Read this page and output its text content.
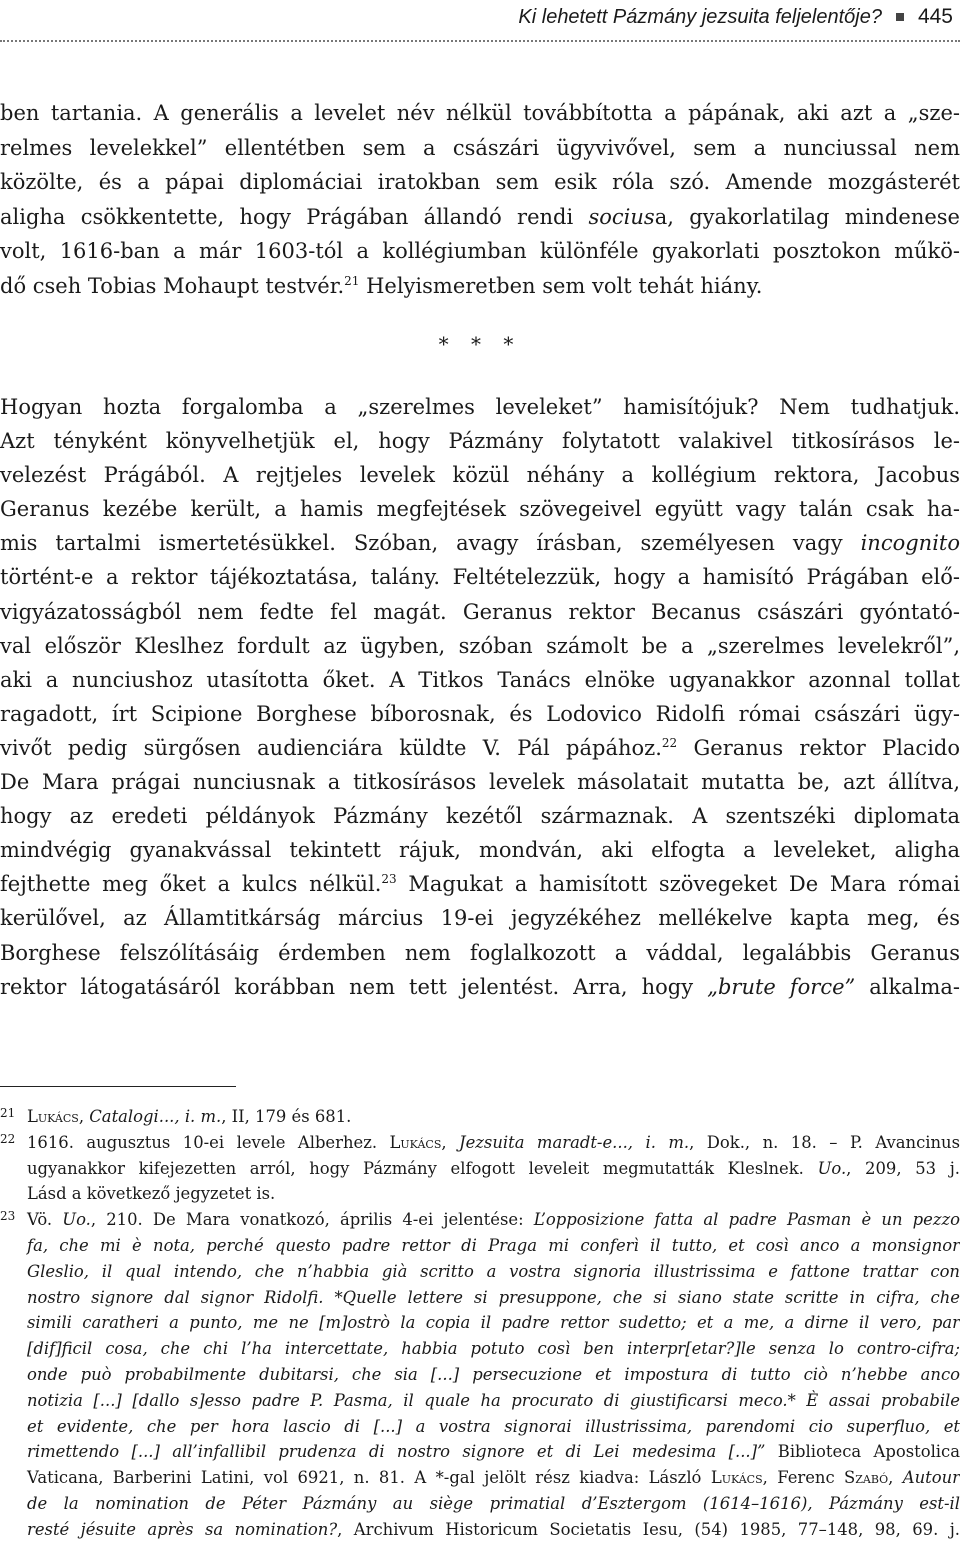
Ki lehetett Pázmány jezsuita feljelentője? 445

ben tartania. A generális a levelet név nélkül továbbította a pápának, aki azt a „sze-

relmes levelekkel” ellentétben sem a császári ügyvivővel, sem a nunciussal nem

közölte, és a pápai diplomáciai iratokban sem esik róla szó. Amende mozgásterét

aligha csökkentette, hogy Prágában állandó rendi sociusa, gyakorlatilag mindenese

volt, 1616-ban a már 1603-tól a kollégiumban különféle gyakorlati posztokon műkö-

dő cseh Tobias Mohaupt testvér.$^{21}$ Helyismeretben sem volt tehát hiány.

* * *

Hogyan hozta forgalomba a „szerelmes leveleket” hamisítójuk? Nem tudhatjuk.

Azt tényként könyvelhetjük el, hogy Pázmány folytatott valakivel titkosírásos le-

velezést Prágából. A rejtjeles levelek közül néhány a kollégium rektora, Jacobus

Geranus kezébe került, a hamis megfejtések szövegeivel együtt vagy talán csak ha-

mis tartalmi ismertetésükkel. Szóban, avagy írásban, személyesen vagy incognito

történt-e a rektor tájékoztatása, talány. Feltételezzük, hogy a hamisító Prágában elő-

vigyázatosságból nem fedte fel magát. Geranus rektor Becanus császári gyóntató-

val először Kleslhez fordult az ügyben, szóban számolt be a „szerelmes levelekről”,

aki a nunciushoz utasította őket. A Titkos Tanács elnöke ugyanakkor azonnal tollat

ragadott, írt Scipione Borghese bíborosnak, és Lodovico Ridolfi római császári ügy-

vivőt pedig sürgősen audienciára küldte V. Pál pápához.$^{22}$ Geranus rektor Placido

De Mara prágai nunciusnak a titkosírásos levelek másolatait mutatta be, azt állítva,

hogy az eredeti példányok Pázmány kezétől származnak. A szentszéki diplomata

mindvégig gyanakvással tekintett rájuk, mondván, aki elfogta a leveleket, aligha

fejthette meg őket a kulcs nélkül.$^{23}$ Magukat a hamisított szövegeket De Mara római

kerülővel, az Államtitkárság március 19-ei jegyzékéhez mellékelve kapta meg, és

Borghese felszólításáig érdemben nem foglalkozott a váddal, legalábbis Geranus

rektor látogatásáról korábban nem tett jelentést. Arra, hogy „brute force” alkalma-

21 Lukács, Catalogi..., i. m., II, 179 és 681.

22 1616. augusztus 10-ei levele Alberhez. Lukács, Jezsuita maradt-e..., i. m., Dok., n. 18. – P. Avancinus

ugyanakkor kifejezetten arról, hogy Pázmány elfogott leveleit megmutatták Kleslnek. Uo., 209, 53 j.

Lásd a következő jegyzetet is.

23 Vö. Uo., 210. De Mara vonatkozó, április 4-ei jelentése: L’opposizione fatta al padre Pasman è un pezzo

fa, che mi è nota, perché questo padre rettor di Praga mi conferì il tutto, et così anco a monsignor

Gleslio, il qual intendo, che n’habbia già scritto a vostra signoria illustrissima e fattone trattar con

nostro signore dal signor Ridolfi. *Quelle lettere si presuppone, che si siano state scritte in cifra, che

simili caratheri a punto, me ne [m]ostrò la copia il padre rettor sudetto; et a me, a dirne il vero, par

[dif]ficil cosa, che chi l’ha intercettate, habbia potuto così ben interpr[etar?]le senza lo contro-cifra;

onde può probabilmente dubitarsi, che sia [...] persecuzione et impostura di tutto ciò n’hebbe anco

notizia [...] [dallo s]esso padre P. Pasma, il quale ha procurato di giustificarsi meco.* È assai probabile

et evidente, che per hora lascio di [...] a vostra signorai illustrissima, parendomi cio superfluo, et

rimettendo [...] all’infallibil prudenza di nostro signore et di Lei medesima [...]” Biblioteca Apostolica

Vaticana, Barberini Latini, vol 6921, n. 81. A *-gal jelölt rész kiadva: László Lukács, Ferenc Szabó, Autour

de la nomination de Péter Pázmány au siège primatial d’Esztergom (1614–1616), Pázmány est-il

resté jésuite après sa nomination?, Archivum Historicum Societatis Iesu, (54) 1985, 77–148, 98, 69. j.
